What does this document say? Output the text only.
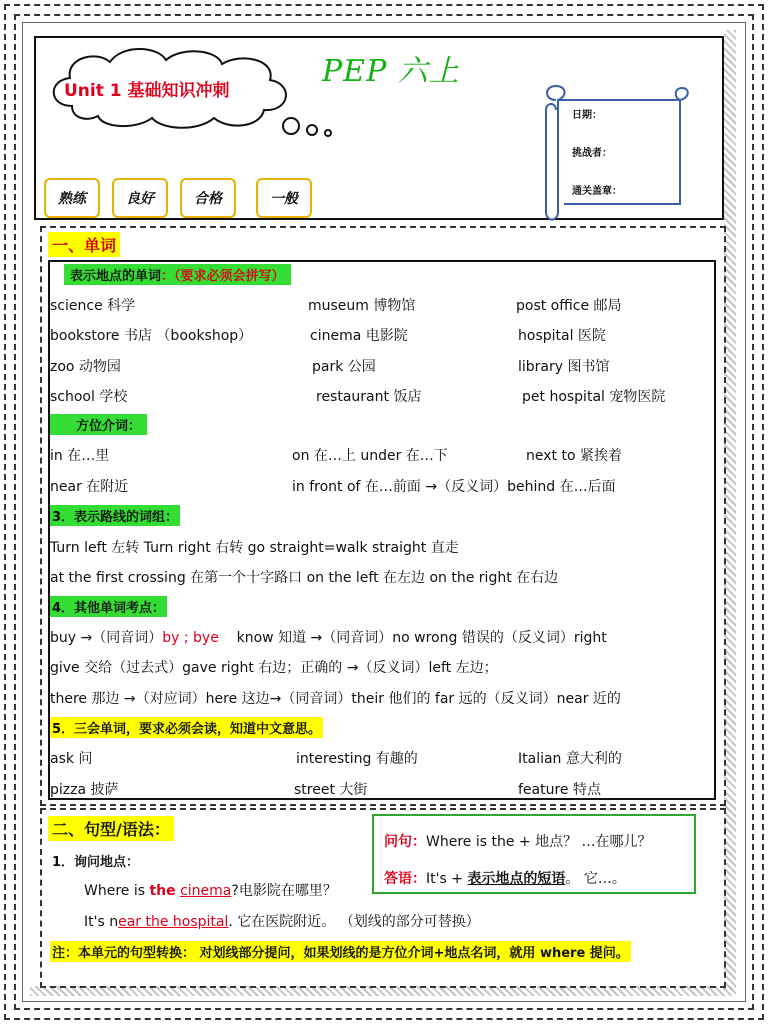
Unit 1 基础知识冲刺
PEP 六上
熟练	良好	合格	一般
日期：
挑战者：
通关盖章：
一、单词
表示地点的单词：（要求必须会拼写）
science 科学	museum 博物馆	post office 邮局
bookstore 书店 （bookshop）	cinema 电影院	hospital 医院
zoo 动物园	park 公园	library 图书馆
school 学校	restaurant 饭店	pet hospital 宠物医院
方位介词：
in 在…里	on 在…上 under 在…下	next to 紧挨着
near 在附近	in front of 在…前面 →（反义词）behind 在…后面
3．表示路线的词组：
Turn left 左转 Turn right 右转 go straight=walk straight 直走
at the first crossing 在第一个十字路口 on the left 在左边 on the right 在右边
4．其他单词考点：
buy →（同音词）by ; bye know 知道 →（同音词）no wrong 错误的（反义词）right
give 交给（过去式）gave right 右边；正确的 →（反义词）left 左边；
there 那边 →（对应词）here 这边→（同音词）their 他们的 far 远的（反义词）near 近的
5．三会单词，要求必须会读，知道中文意思。
ask 问	interesting 有趣的	Italian 意大利的
pizza 披萨	street 大街	feature 特点
二、句型/语法：
问句：Where is the + 地点？ …在哪儿？
答语：It's + 表示地点的短语。 它…。
1．询问地点：
Where is the cinema?电影院在哪里？
It's near the hospital. 它在医院附近。 （划线的部分可替换）
注：本单元的句型转换： 对划线部分提问，如果划线的是方位介词+地点名词，就用 where 提问。
